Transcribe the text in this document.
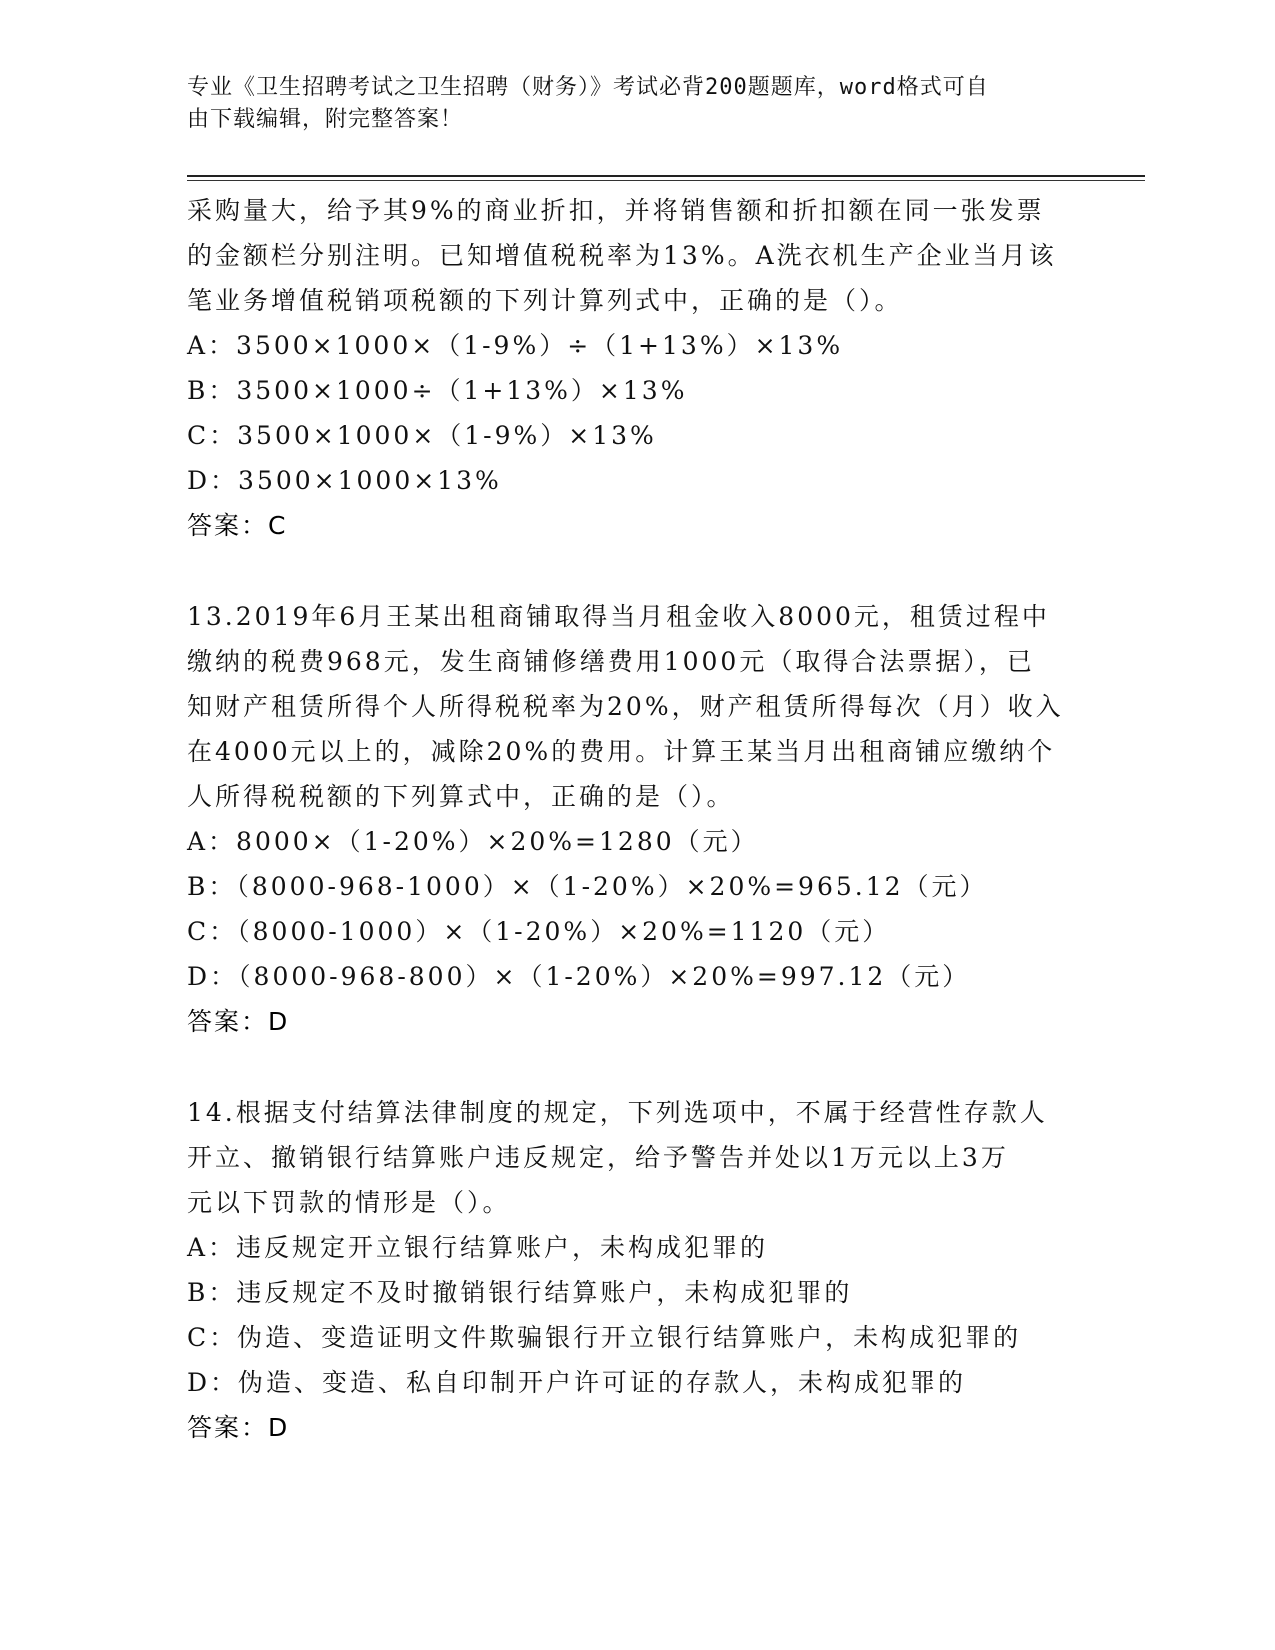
专业《卫生招聘考试之卫生招聘（财务）》考试必背200题题库，word格式可自
由下载编辑，附完整答案！
采购量大，给予其9%的商业折扣，并将销售额和折扣额在同一张发票
的金额栏分别注明。已知增值税税率为13%。A洗衣机生产企业当月该
笔业务增值税销项税额的下列计算列式中，正确的是（）。
A：3500×1000×（1-9%）÷（1+13%）×13%
B：3500×1000÷（1+13%）×13%
C：3500×1000×（1-9%）×13%
D：3500×1000×13%
答案：C
13.2019年6月王某出租商铺取得当月租金收入8000元，租赁过程中
缴纳的税费968元，发生商铺修缮费用1000元（取得合法票据），已
知财产租赁所得个人所得税税率为20%，财产租赁所得每次（月）收入
在4000元以上的，减除20%的费用。计算王某当月出租商铺应缴纳个
人所得税税额的下列算式中，正确的是（）。
A：8000×（1-20%）×20%=1280（元）
B：（8000-968-1000）×（1-20%）×20%=965.12（元）
C：（8000-1000）×（1-20%）×20%=1120（元）
D：（8000-968-800）×（1-20%）×20%=997.12（元）
答案：D
14.根据支付结算法律制度的规定，下列选项中，不属于经营性存款人
开立、撤销银行结算账户违反规定，给予警告并处以1万元以上3万
元以下罚款的情形是（）。
A：违反规定开立银行结算账户，未构成犯罪的
B：违反规定不及时撤销银行结算账户，未构成犯罪的
C：伪造、变造证明文件欺骗银行开立银行结算账户，未构成犯罪的
D：伪造、变造、私自印制开户许可证的存款人，未构成犯罪的
答案：D
